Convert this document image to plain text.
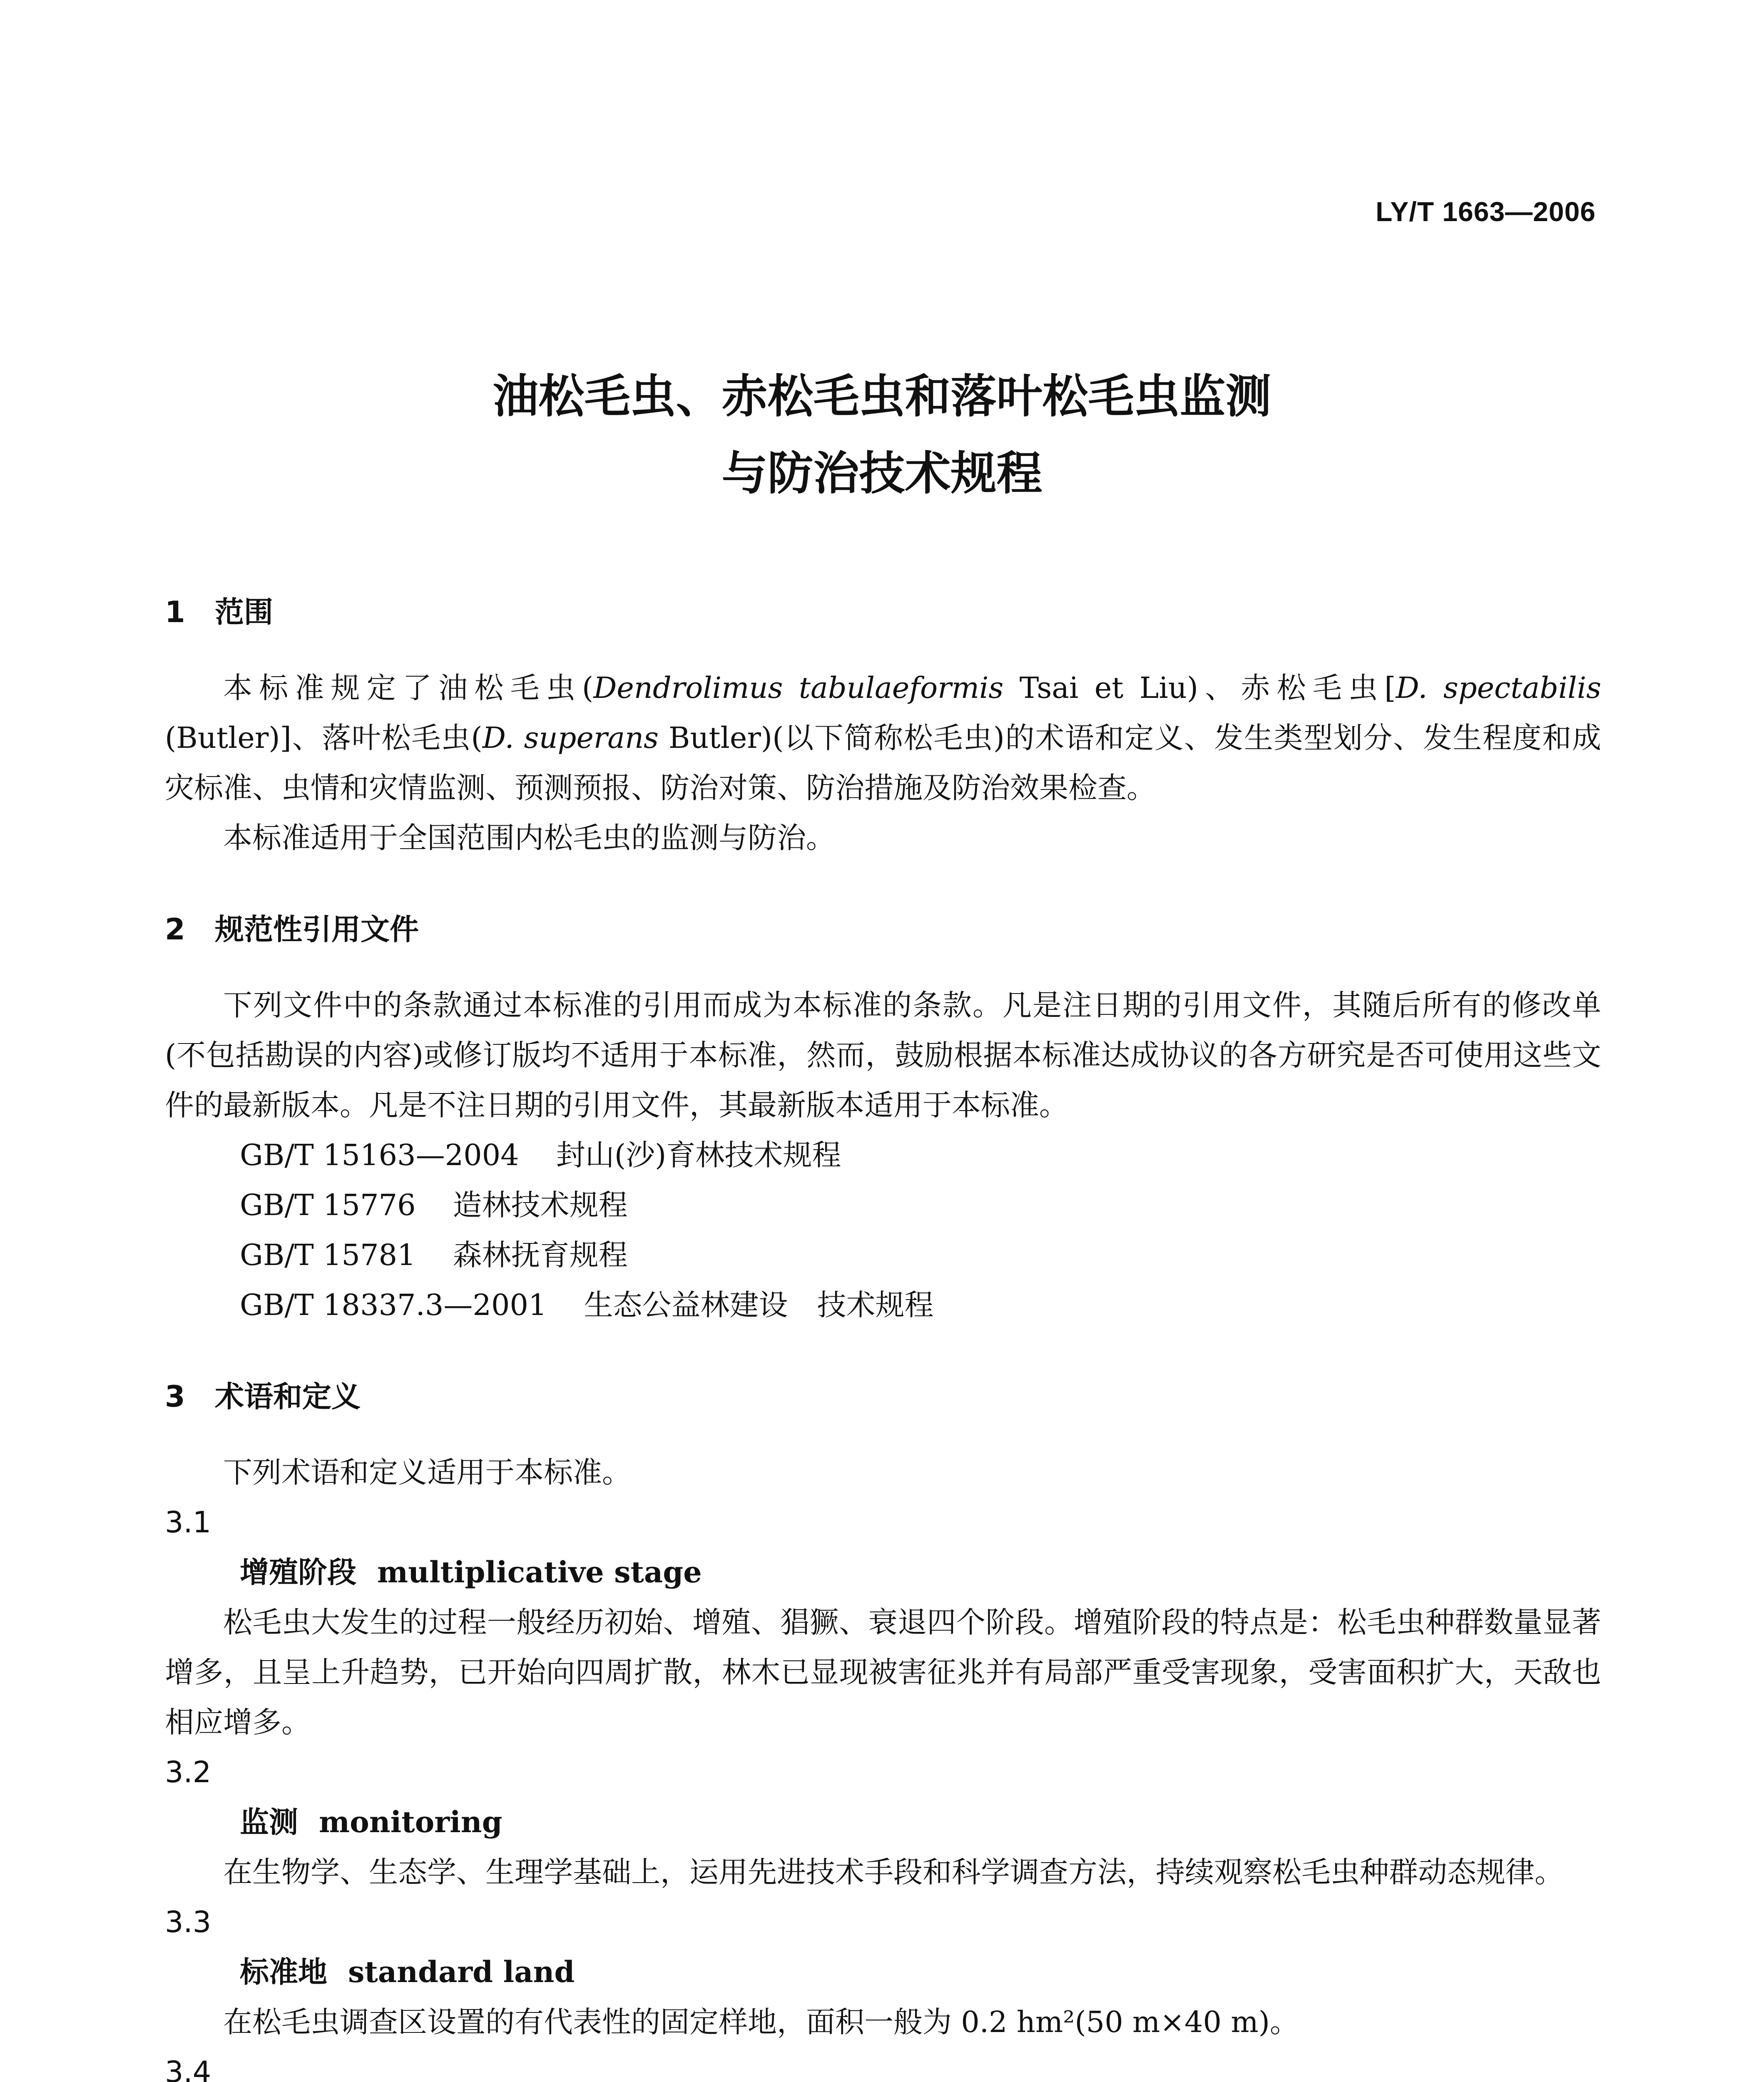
LY/T 1663—2006
油松毛虫、赤松毛虫和落叶松毛虫监测
与防治技术规程
1 范围

本标准规定了油松毛虫(Dendrolimus tabulaeformis Tsai et Liu)、赤松毛虫[D. spectabilis (Butler)]、落叶松毛虫(D. superans Butler)(以下简称松毛虫)的术语和定义、发生类型划分、发生程度和成灾标准、虫情和灾情监测、预测预报、防治对策、防治措施及防治效果检查。

本标准适用于全国范围内松毛虫的监测与防治。

2 规范性引用文件

下列文件中的条款通过本标准的引用而成为本标准的条款。凡是注日期的引用文件，其随后所有的修改单(不包括勘误的内容)或修订版均不适用于本标准，然而，鼓励根据本标准达成协议的各方研究是否可使用这些文件的最新版本。凡是不注日期的引用文件，其最新版本适用于本标准。

GB/T 15163—2004 封山(沙)育林技术规程

GB/T 15776 造林技术规程

GB/T 15781 森林抚育规程

GB/T 18337.3—2001 生态公益林建设　技术规程

3 术语和定义

下列术语和定义适用于本标准。

3.1

增殖阶段 multiplicative stage

松毛虫大发生的过程一般经历初始、增殖、猖獗、衰退四个阶段。增殖阶段的特点是：松毛虫种群数量显著增多，且呈上升趋势，已开始向四周扩散，林木已显现被害征兆并有局部严重受害现象，受害面积扩大，天敌也相应增多。

3.2

监测 monitoring

在生物学、生态学、生理学基础上，运用先进技术手段和科学调查方法，持续观察松毛虫种群动态规律。

3.3

标准地 standard land

在松毛虫调查区设置的有代表性的固定样地，面积一般为 0.2 hm²(50 m×40 m)。

3.4
